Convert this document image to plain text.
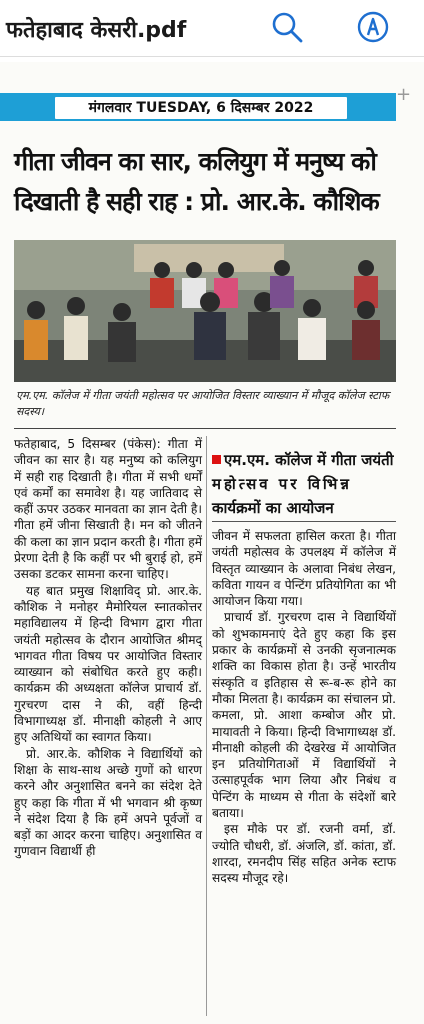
फतेहाबाद केसरी.pdf
+
मंगलवार TUESDAY, 6 दिसम्बर 2022
गीता जीवन का सार, कलियुग में मनुष्य को
दिखाती है सही राह : प्रो. आर.के. कौशिक
एम.एम. कॉलेज में गीता जयंती महोत्सव पर आयोजित विस्तार व्याख्यान में मौजूद कॉलेज स्टाफ सदस्य।

फतेहाबाद, 5 दिसम्बर (पंकेस): गीता में जीवन का सार है। यह मनुष्य को कलियुग में सही राह दिखाती है। गीता में सभी धर्मों एवं कर्मों का समावेश है। यह जातिवाद से कहीं ऊपर उठकर मानवता का ज्ञान देती है। गीता हमें जीना सिखाती है। मन को जीतने की कला का ज्ञान प्रदान करती है। गीता हमें प्रेरणा देती है कि कहीं पर भी बुराई हो, हमें उसका डटकर सामना करना चाहिए।

यह बात प्रमुख शिक्षाविद् प्रो. आर.के. कौशिक ने मनोहर मैमोरियल स्नातकोत्तर महाविद्यालय में हिन्दी विभाग द्वारा गीता जयंती महोत्सव के दौरान आयोजित श्रीमद् भागवत गीता विषय पर आयोजित विस्तार व्याख्यान को संबोधित करते हुए कही। कार्यक्रम की अध्यक्षता कॉलेज प्राचार्य डॉ. गुरचरण दास ने की, वहीं हिन्दी विभागाध्यक्ष डॉ. मीनाक्षी कोहली ने आए हुए अतिथियों का स्वागत किया।

प्रो. आर.के. कौशिक ने विद्यार्थियों को शिक्षा के साथ-साथ अच्छे गुणों को धारण करने और अनुशासित बनने का संदेश देते हुए कहा कि गीता में भी भगवान श्री कृष्ण ने संदेश दिया है कि हमें अपने पूर्वजों व बड़ों का आदर करना चाहिए। अनुशासित व गुणवान विद्यार्थी ही

एम.एम. कॉलेज में गीता जयंती
महोत्सव पर विभिन्न
कार्यक्रमों का आयोजन

जीवन में सफलता हासिल करता है। गीता जयंती महोत्सव के उपलक्ष्य में कॉलेज में विस्तृत व्याख्यान के अलावा निबंध लेखन, कविता गायन व पेन्टिंग प्रतियोगिता का भी आयोजन किया गया।

प्राचार्य डॉ. गुरचरण दास ने विद्यार्थियों को शुभकामनाएं देते हुए कहा कि इस प्रकार के कार्यक्रमों से उनकी सृजनात्मक शक्ति का विकास होता है। उन्हें भारतीय संस्कृति व इतिहास से रू-ब-रू होने का मौका मिलता है। कार्यक्रम का संचालन प्रो. कमला, प्रो. आशा कम्बोज और प्रो. मायावती ने किया। हिन्दी विभागाध्यक्ष डॉ. मीनाक्षी कोहली की देखरेख में आयोजित इन प्रतियोगिताओं में विद्यार्थियों ने उत्साहपूर्वक भाग लिया और निबंध व पेन्टिंग के माध्यम से गीता के संदेशों बारे बताया।

इस मौके पर डॉ. रजनी वर्मा, डॉ. ज्योति चौधरी, डॉ. अंजलि, डॉ. कांता, डॉ. शारदा, रमनदीप सिंह सहित अनेक स्टाफ सदस्य मौजूद रहे।
